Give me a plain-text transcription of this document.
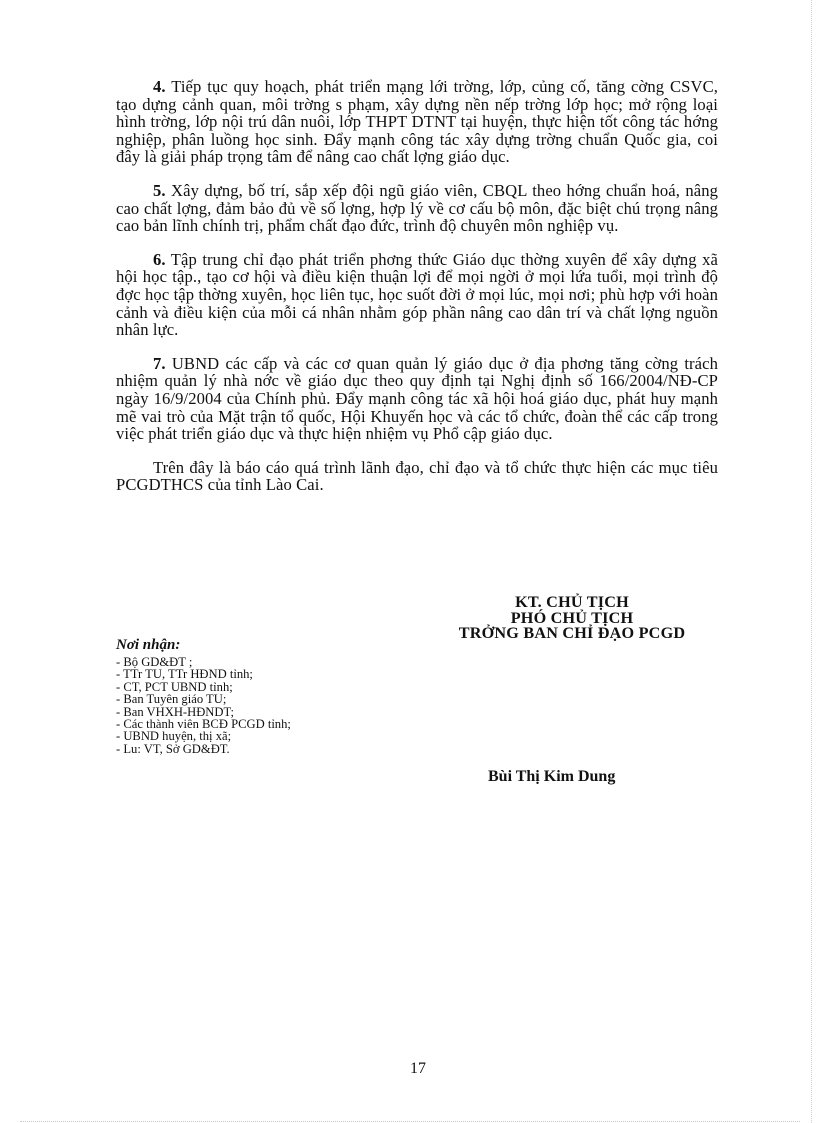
4. Tiếp tục quy hoạch, phát triển mạng lới trờng, lớp, củng cố, tăng cờng CSVC, tạo dựng cảnh quan, môi trờng s phạm, xây dựng nền nếp trờng lớp học; mở rộng loại hình trờng, lớp nội trú dân nuôi, lớp THPT DTNT tại huyện, thực hiện tốt công tác hớng nghiệp, phân luồng học sinh. Đẩy mạnh công tác xây dựng trờng chuẩn Quốc gia, coi đây là giải pháp trọng tâm để nâng cao chất lợng giáo dục.

5. Xây dựng, bố trí, sắp xếp đội ngũ giáo viên, CBQL theo hớng chuẩn hoá, nâng cao chất lợng, đảm bảo đủ về số lợng, hợp lý về cơ cấu bộ môn, đặc biệt chú trọng nâng cao bản lĩnh chính trị, phẩm chất đạo đức, trình độ chuyên môn nghiệp vụ.

6. Tập trung chỉ đạo phát triển phơng thức Giáo dục thờng xuyên để xây dựng xã hội học tập., tạo cơ hội và điều kiện thuận lợi để mọi ngời ở mọi lứa tuổi, mọi trình độ đợc học tập thờng xuyên, học liên tục, học suốt đời ở mọi lúc, mọi nơi; phù hợp với hoàn cảnh và điều kiện của mỗi cá nhân nhằm góp phần nâng cao dân trí và chất lợng nguồn nhân lực.

7. UBND các cấp và các cơ quan quản lý giáo dục ở địa phơng tăng cờng trách nhiệm quản lý nhà nớc về giáo dục theo quy định tại Nghị định số 166/2004/NĐ-CP ngày 16/9/2004 của Chính phủ. Đẩy mạnh công tác xã hội hoá giáo dục, phát huy mạnh mẽ vai trò của Mặt trận tổ quốc, Hội Khuyến học và các tổ chức, đoàn thể các cấp trong việc phát triển giáo dục và thực hiện nhiệm vụ Phổ cập giáo dục.

Trên đây là báo cáo quá trình lãnh đạo, chỉ đạo và tổ chức thực hiện các mục tiêu PCGDTHCS của tỉnh Lào Cai.

KT. CHỦ TỊCH
PHÓ CHỦ TỊCH
TRỞNG BAN CHỈ ĐẠO PCGD
Nơi nhận:
- Bộ GD&ĐT ;
- TTr TU, TTr HĐND tỉnh;
- CT, PCT UBND tỉnh;
- Ban Tuyên giáo TU;
- Ban VHXH-HĐNDT;
- Các thành viên BCĐ PCGD tỉnh;
- UBND huyện, thị xã;
- Lu: VT, Sở GD&ĐT.
Bùi Thị Kim Dung
17
